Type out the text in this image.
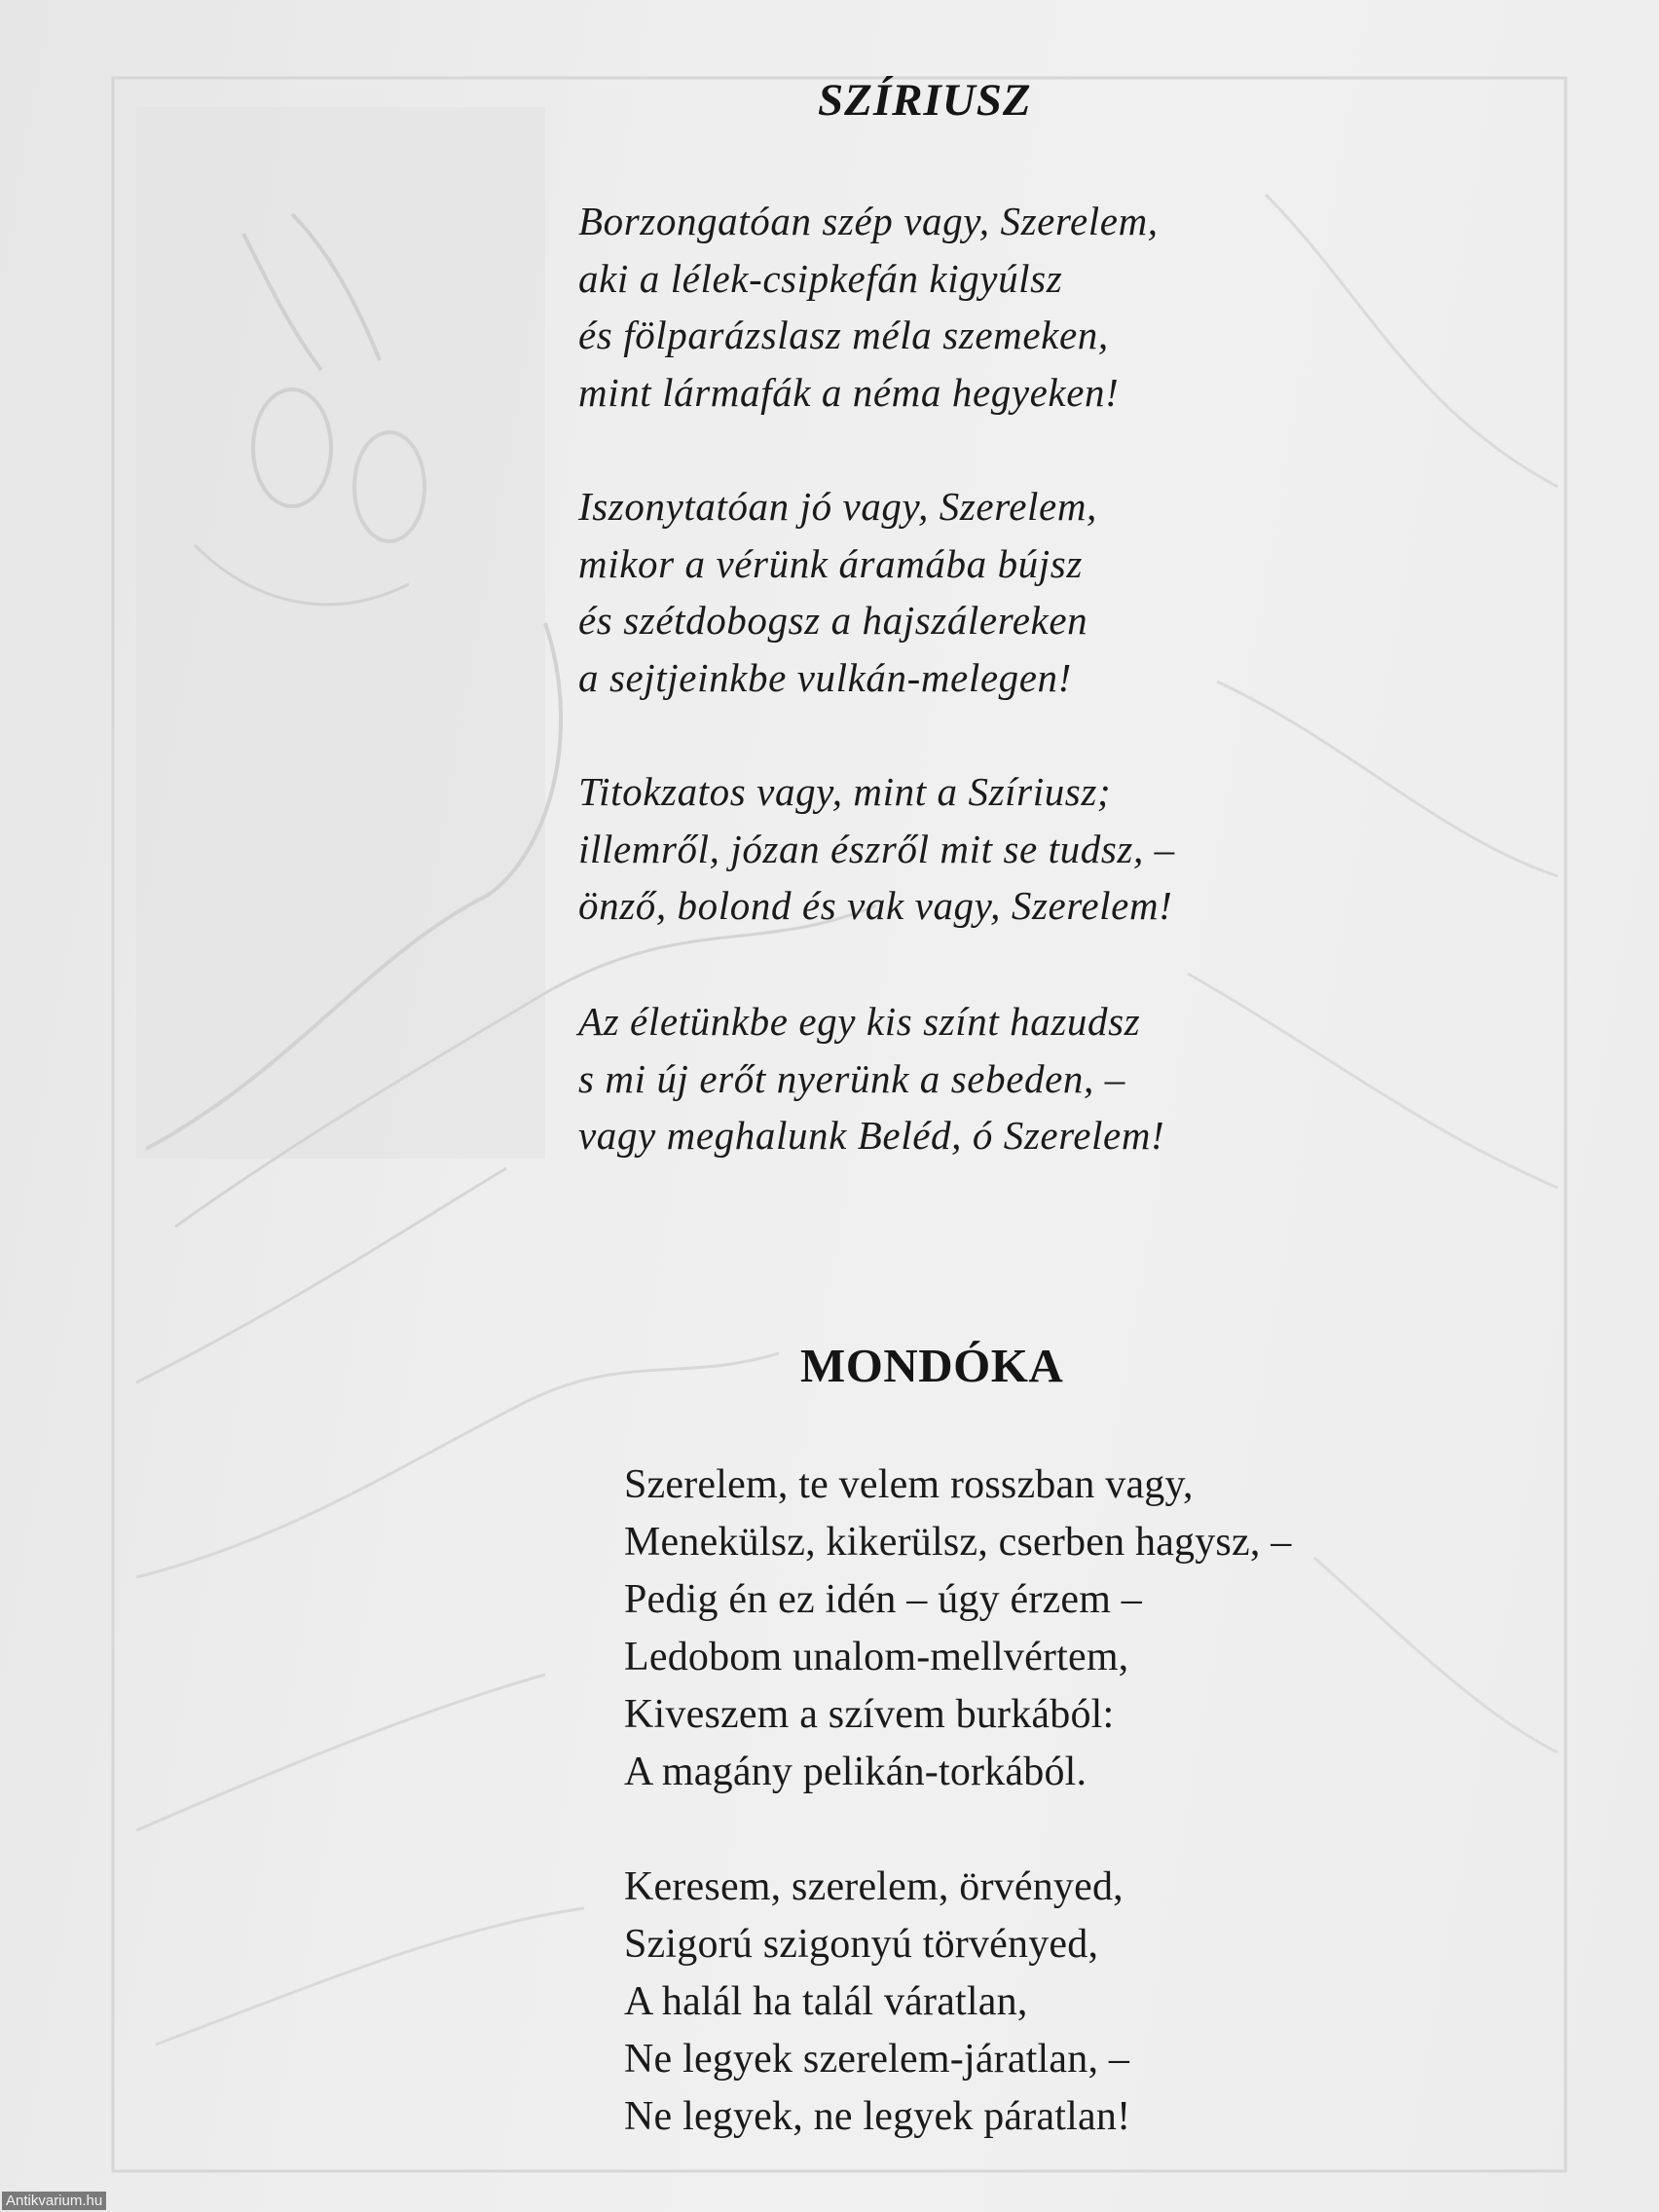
SZÍRIUSZ
Borzongatóan szép vagy, Szerelem,
aki a lélek-csipkefán kigyúlsz
és fölparázslasz méla szemeken,
mint lármafák a néma hegyeken!
Iszonytatóan jó vagy, Szerelem,
mikor a vérünk áramába bújsz
és szétdobogsz a hajszálereken
a sejtjeinkbe vulkán-melegen!
Titokzatos vagy, mint a Szíriusz;
illemről, józan észről mit se tudsz, –
önző, bolond és vak vagy, Szerelem!
Az életünkbe egy kis színt hazudsz
s mi új erőt nyerünk a sebeden, –
vagy meghalunk Beléd, ó Szerelem!
MONDÓKA
Szerelem, te velem rosszban vagy,
Menekülsz, kikerülsz, cserben hagysz, –
Pedig én ez idén – úgy érzem –
Ledobom unalom-mellvértem,
Kiveszem a szívem burkából:
A magány pelikán-torkából.
Keresem, szerelem, örvényed,
Szigorú szigonyú törvényed,
A halál ha talál váratlan,
Ne legyek szerelem-járatlan, –
Ne legyek, ne legyek páratlan!
Antikvarium.hu
